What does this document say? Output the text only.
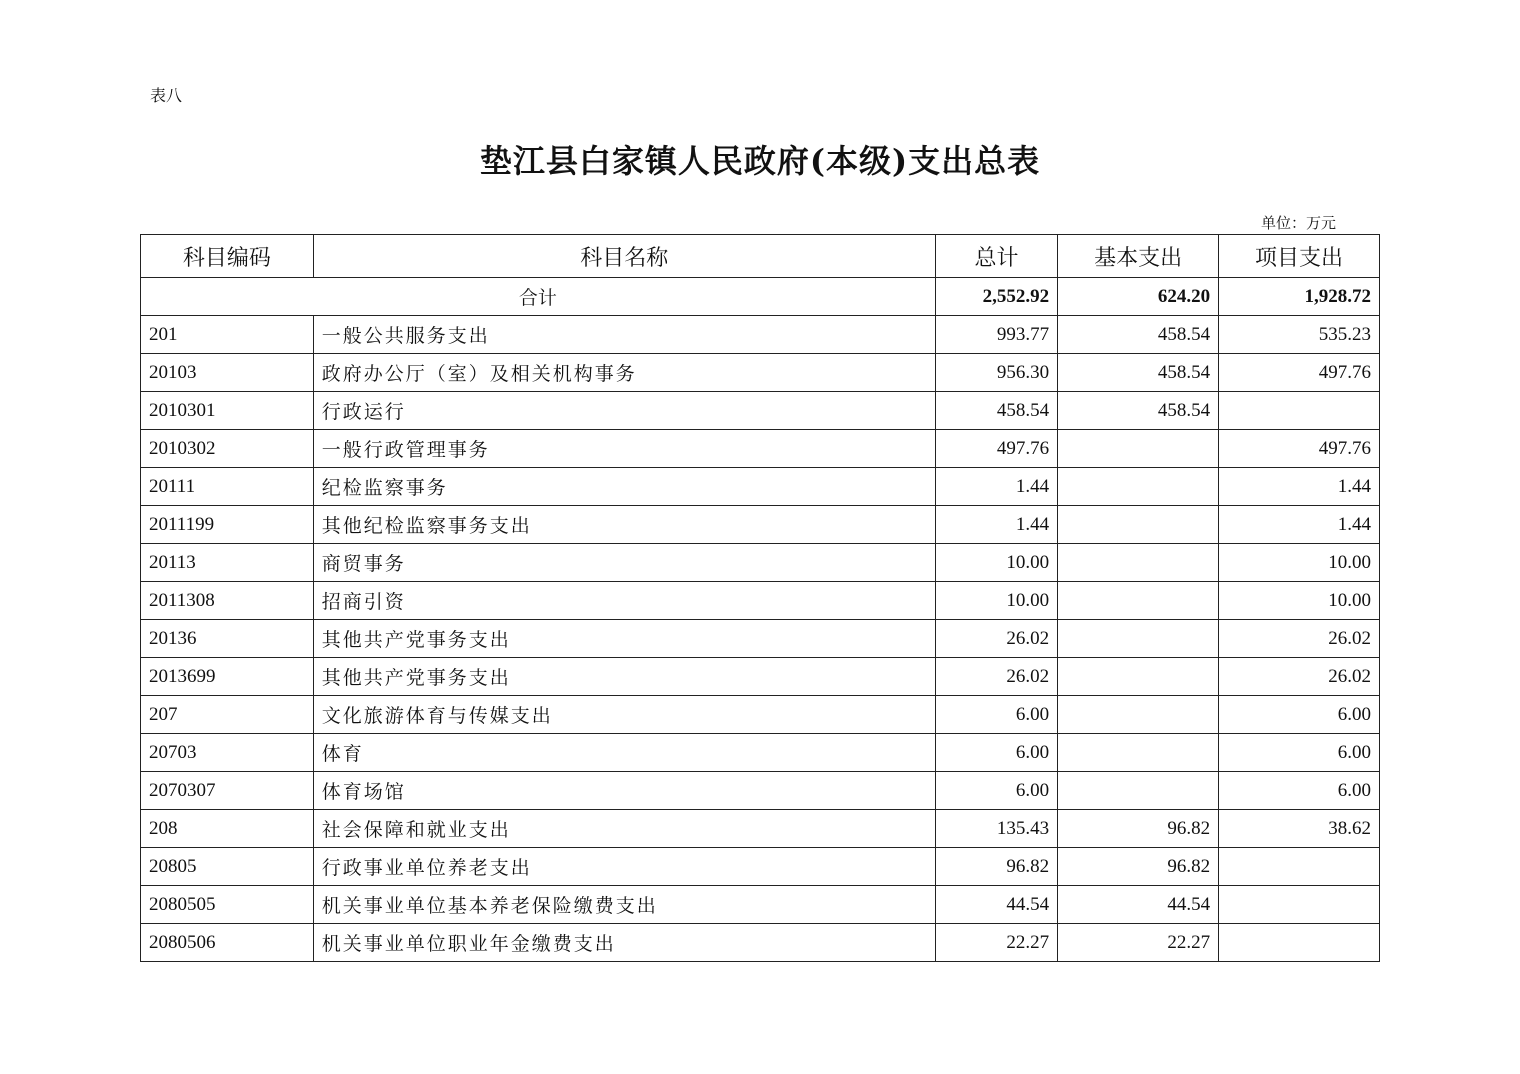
表八
垫江县白家镇人民政府(本级)支出总表
单位：万元
科目编码	科目名称	总计	基本支出	项目支出
合计		2,552.92	624.20	1,928.72
201	一般公共服务支出	993.77	458.54	535.23
20103	政府办公厅（室）及相关机构事务	956.30	458.54	497.76
2010301	行政运行	458.54	458.54	
2010302	一般行政管理事务	497.76		497.76
20111	纪检监察事务	1.44		1.44
2011199	其他纪检监察事务支出	1.44		1.44
20113	商贸事务	10.00		10.00
2011308	招商引资	10.00		10.00
20136	其他共产党事务支出	26.02		26.02
2013699	其他共产党事务支出	26.02		26.02
207	文化旅游体育与传媒支出	6.00		6.00
20703	体育	6.00		6.00
2070307	体育场馆	6.00		6.00
208	社会保障和就业支出	135.43	96.82	38.62
20805	行政事业单位养老支出	96.82	96.82	
2080505	机关事业单位基本养老保险缴费支出	44.54	44.54	
2080506	机关事业单位职业年金缴费支出	22.27	22.27	
